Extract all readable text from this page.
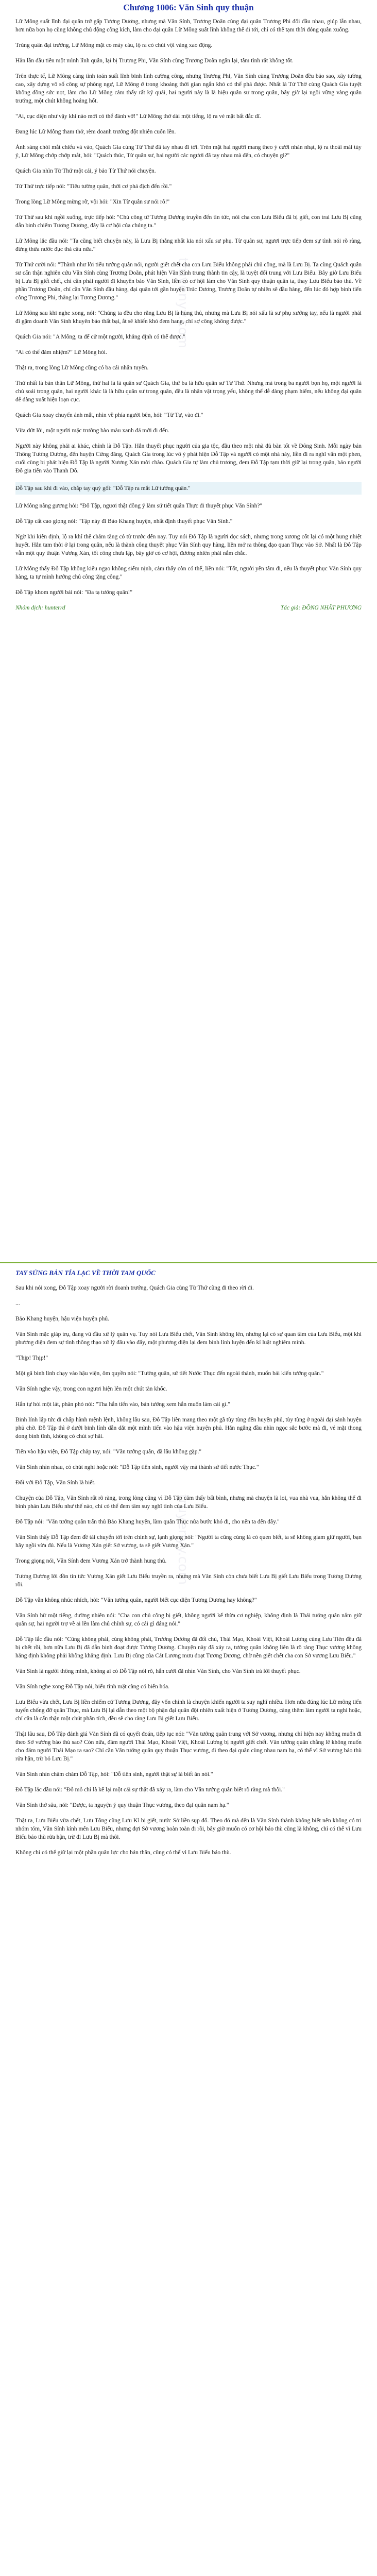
truyenyy.com
truyenyy.com
Chương 1006: Văn Sinh quy thuận

Lữ Mông suất lĩnh đại quân trở gấp Tương Dương, nhưng mà Văn Sính, Trương Doãn cùng đại quân Trương Phi đối đầu nhau, giúp lẫn nhau, hơn nữa bọn họ cũng không chủ động công kích, làm cho đại quân Lữ Mông suất lĩnh không thể đi tới, chỉ có thể tạm thời đóng quân xuống.

Trùng quân đại trướng, Lữ Mông mặt co mày cáu, lộ ra có chút vội vàng xao động.

Hắn lần đầu tiên một mình lĩnh quân, lại bị Trương Phi, Văn Sính cùng Trương Doãn ngăn lại, tâm tình rất không tốt.

Trên thực tế, Lữ Mông càng tình toán suất lĩnh binh lính cường công, nhưng Trương Phi, Văn Sính cùng Trương Doãn đều bảo sao, xây tường cao, xây dựng vô số công sự phòng ngự, Lữ Mông ở trong khoảng thời gian ngắn khó có thể phá được. Nhất là Tử Thờ cùng Quách Gia tuyệt không đồng sức nọt, làm cho Lữ Mông cảm thấy rất ký quái, hai người này là là hiệu quân sư trong quân, bây giờ lại ngồi vững vàng quân trướng, một chút không hoảng hốt.

"Ai, cục diện như vậy khi nào mới có thể đánh vỡ!" Lữ Mông thở dài một tiếng, lộ ra vẻ mặt bất đắc dĩ.

Đang lúc Lữ Mông tham thở, rèm doanh trướng đột nhiên cuốn lên.

Ánh sáng chói mắt chiếu và vào, Quách Gia cùng Từ Thứ đã tay nhau đi tới. Trên mặt hai người mang theo ý cười nhàn nhạt, lộ ra thoải mái tùy ý, Lữ Mông chớp chớp mắt, hỏi: "Quách thúc, Từ quân sư, hai người các ngươi đã tay nhau mà đến, có chuyện gì?"

Quách Gia nhìn Từ Thứ một cái, ý bảo Từ Thứ nói chuyện.

Từ Thứ trực tiếp nói: "Tiêu tường quân, thời cơ phá địch đến rồi."

Trong lòng Lữ Mông mừng rỡ, vội hỏi: "Xin Từ quân sư nói rõ!"

Từ Thứ sau khi ngồi xuống, trực tiếp hỏi: "Chủ công từ Tương Dương truyền đến tin tức, nói cha con Lưu Biểu đã bị giết, con trai Lưu Bị cũng dẫn binh chiếm Tương Dương, đây là cơ hội của chúng ta."

Lữ Mông lắc đầu nói: "Ta cũng biết chuyện này, là Lưu Bị thắng nhất kia nói xấu sư phụ. Từ quân sư, ngươi trực tiếp đem sự tình nói rõ ràng, đừng thừa nước đục thả câu nữa."

Từ Thứ cười nói: "Thành như lời tiểu tướng quân nói, người giết chết cha con Lưu Biểu không phải chủ công, mà là Lưu Bị. Ta cùng Quách quân sư cẩn thận nghiên cứu Văn Sính cùng Trương Doãn, phát hiện Văn Sính trung thành tin cậy, là tuyệt đối trung với Lưu Biểu. Bây giờ Lưu Biểu bị Lưu Bị giết chết, chỉ cần phái người đi khuyên bảo Văn Sính, liền có cơ hội làm cho Văn Sính quy thuận quân ta, thay Lưu Biểu báo thù. Về phần Trương Doãn, chỉ cần Văn Sính đầu hàng, đại quân tới gần huyện Trúc Dương, Trương Doãn tự nhiên sẽ đầu hàng, đến lúc đó hợp binh tiến công Trương Phi, thắng lại Tương Dương."

Lữ Mông sau khi nghe xong, nói: "Chúng ta đều cho rằng Lưu Bị là hung thủ, nhưng mà Lưu Bị nói xấu là sư phụ xướng tay, nếu là người phái đi gặm doanh Văn Sính khuyên bảo thất bại, ắt sẽ khiến khó đem hang, chí sợ công không được."

Quách Gia nói: "A Mông, ta để cử một người, khẳng định có thể được."

"Ai có thể đảm nhiệm?" Lữ Mông hỏi.

Thật ra, trong lòng Lữ Mông cũng có ba cái nhân tuyển.

Thứ nhất là bản thân Lữ Mông, thứ hai là là quân sư Quách Gia, thứ ba là hữu quân sư Từ Thứ. Nhưng mà trong ba người bọn họ, một người là chủ soái trong quân, hai người khác là là hữu quân sư trong quân, đều là nhân vật trọng yếu, không thể dễ dàng phạm hiểm, nếu không đại quân dễ dàng xuất hiện loạn cục.

Quách Gia xoay chuyển ánh mắt, nhìn về phía người bên, hỏi: "Tử Tự, vào đi."

Vừa dứt lời, một người mặc trường bào màu xanh đá mới đi đến.

Người này không phải ai khác, chính là Đỗ Tập. Hắn thuyết phục người của gia tộc, đầu theo một nhà đủ bàn tốt về Đông Sinh. Mỗi ngày bán Thông Tương Dương, đến huyện Cừng đăng, Quách Gia trong lúc vô ý phát hiện Đỗ Tập và người có một nhà này, liền đi ra nghĩ vấn một phen, cuối cùng bị phát hiện Đỗ Tập là người Xương Xán mời chào. Quách Gia tự làm chủ trương, đem Đỗ Tập tạm thời giữ lại trong quân, bảo người Đỗ gia tiến vào Thanh Dõ.

Đỗ Tập sau khi đi vào, chắp tay quỳ gối: "Đỗ Tập ra mắt Lữ tướng quân."

Lữ Mông nâng gương hỏi: "Đỗ Tập, ngươi thật đồng ý làm sứ tiết quân Thực đi thuyết phục Văn Sính?"

Đỗ Tập cất cao giọng nói: "Tập này đi Bảo Khang huyện, nhất định thuyết phục Văn Sính."

Ngờ khi kiên định, lộ ra khí thế chắm tăng có từ trước đến nay. Tuy nói Đỗ Tập là người đọc sách, nhưng trong xương cốt lại có một hung nhiệt huyết. Hắn tam thời ở lại trong quân, nếu là thành công thuyết phục Văn Sính quy hàng, liền mở ra thông đạo quan Thục vào Sở. Nhất là Đỗ Tập vẫn một quy thuận Vương Xán, tốt công chưa lập, bây giờ có cơ hội, đương nhiên phải nắm chắc.

Lữ Mông thấy Đỗ Tập không kiêu ngạo không siểm nịnh, cảm thấy còn có thể, liền nói: "Tốt, người yên tâm đi, nếu là thuyết phục Văn Sính quy hàng, ta tự mình hướng chủ công tặng công."

Đỗ Tập khom người bái nói: "Đa tạ tướng quân!"

Nhóm dịch: hunterrd	Tác giả: ĐỒNG NHẤT PHƯƠNG
TAY SỬNG BẢN TÍA LẠC VỀ THỜI TAM QUỐC

Sau khi nói xong, Đỗ Tập xoay người rời doanh trướng, Quách Gia cùng Từ Thứ cũng đi theo rời đi.

...

Bảo Khang huyện, hậu viện huyện phủ.

Văn Sính mặc giáp trụ, đang vũ đầu xử lý quân vụ. Tuy nói Lưu Biểu chết, Văn Sính không lên, nhưng lại có sự quan tâm của Lưu Biểu, một khi phương diện đem sự tình thông thạo xử lý đâu vào đấy, một phương diện lại đem binh lính luyện đến kỉ luật nghiêm minh.

"Thịp! Thịp!"

Một gã binh lính chạy vào hậu viện, ôm quyền nói: "Tướng quân, sứ tiết Nước Thục đến ngoài thành, muốn bái kiến tướng quân."

Văn Sính nghe vậy, trong con ngươi hiện lên một chút tàn khốc.

Hắn tự hỏi một lát, phân phó nói: "Tha hắn tiến vào, bản tướng xem hắn muốn làm cái gì."

Binh lính lập tức đi chấp hành mệnh lệnh, không lâu sau, Đỗ Tập liền mang theo một gã tùy tùng đến huyện phủ, tùy tùng ở ngoài đại sảnh huyện phủ chờ. Đỗ Tập thì ở dưới binh lính dẫn dắt một mình tiến vào hậu viện huyện phủ. Hắn ngắng đầu nhìn ngọc sắc bước mà đi, vẻ mặt thong dong bình tĩnh, không có chút sợ hãi.

Tiến vào hậu viện, Đỗ Tập chắp tay, nói: "Văn tướng quân, đã lâu không gặp."

Văn Sính nhìn nhau, có chút nghi hoặc nói: "Đỗ Tập tiên sinh, người vậy mà thành sứ tiết nước Thục."

Đối với Đỗ Tập, Văn Sính là biết.

Chuyện của Đỗ Tập, Văn Sính rất rõ ràng, trong lòng cũng vì Đỗ Tập cảm thấy bất bình, nhưng mà chuyện là loi, vua nhà vua, hắn không thể đi bình phán Lưu Biểu như thế nào, chỉ có thể đem tâm suy nghĩ tình của Lưu Biểu.

Đỗ Tập nói: "Văn tướng quân trấn thủ Bảo Khang huyện, làm quân Thục nửa bước khó đi, cho nên ta đến đây."

Văn Sính thấy Đỗ Tập đem đề tài chuyển tới trên chính sự, lạnh giọng nói: "Người ta cũng cùng là có quen biết, ta sẽ không giam giữ người, bạn hãy ngồi vừa đủ. Nếu là Vương Xán giết Sở vương, ta sẽ giết Vương Xán."

Trong giọng nói, Văn Sính đem Vương Xán trở thành hung thủ.

Tương Dương lời đồn tin tức Vương Xán giết Lưu Biểu truyền ra, nhưng mà Văn Sính còn chưa biết Lưu Bị giết Lưu Biểu trong Tương Dương rồi.

Đỗ Tập vẫn không nhúc nhích, hỏi: "Văn tướng quân, người biết cục diện Tương Dương hay không?"

Văn Sính hừ một tiếng, dường nhiên nói: "Cha con chủ công bị giết, không người kế thừa cơ nghiệp, không định là Thái tướng quân nắm giữ quân sự, hai người trợ về ai lên làm chủ chính sự, có cái gì đáng nói."

Đỗ Tập lắc đầu nói: "Cũng không phải, cùng không phải, Trương Dương đã đổi chủ, Thái Mạo, Khoái Việt, Khoái Lương cùng Lưu Tiên đều đã bị chết rồi, hơn nữa Lưu Bị đã dẫn binh đoạt được Tương Dương. Chuyện này đã xảy ra, tướng quân không liên là rõ ràng Thục vương không hẳng định không phải không khẳng định. Lưu Bị cũng của Cát Lương mưu đoạt Tương Dương, chờ nền giết chết cha con Sở vương Lưu Biểu."

Văn Sính là người thông minh, không ai có Đỗ Tập nói rõ, hắn cười đã nhìn Văn Sính, cho Văn Sính trả lời thuyết phục.

Văn Sính nghe xong Đỗ Tập nói, biểu tình mặt càng có biến hóa.

Lưu Biểu vừa chết, Lưu Bị liền chiếm cứ Tương Dương, đây vốn chính là chuyện khiến người ta suy nghĩ nhiều. Hơn nữa đúng lúc Lữ mông tiến tuyến chống đỡ quân Thục, mà Lưu Bị lại dẫn theo một bộ phận đại quân đột nhiên xuất hiện ở Tương Dương, càng thêm làm người ta nghi hoặc, chỉ cần là cẩn thận một chút phân tích, đều sẽ cho rằng Lưu Bị giết Lưu Biểu.

Thật lâu sau, Đỗ Tập đánh giá Văn Sính đã có quyết đoán, tiếp tục nói: "Văn tướng quân trung với Sở vương, nhưng chỉ hiện nay không muốn đi theo Sở vương bảo thù sao? Còn nữa, đám người Thái Mạo, Khoái Việt, Khoái Lương bị người giết chết. Văn tướng quân chẳng lẽ không muốn cho đám người Thái Mạo ra sao? Chỉ cần Văn tướng quân quy thuận Thục vương, đi theo đại quân cùng nhau nam hạ, có thể vì Sở vương báo thù rửa hận, trừ bỏ Lưu Bị."

Văn Sính nhìn chăm chăm Đỗ Tập, hỏi: "Đỗ tiên sinh, người thật sự là biết ăn nói."

Đỗ Tập lắc đầu nói: "Đỗ mỗ chỉ là kể lại một cái sự thật đã xảy ra, làm cho Văn tướng quân biết rõ ràng mà thôi."

Văn Sính thở sâu, nói: "Được, ta nguyện ý quy thuận Thục vương, theo đại quân nam hạ."

Thật ra, Lưu Biểu vừa chết, Lưu Tông cũng Lưu Kì bị giết, nước Sở liền sụp đổ. Theo đó mà đến là Văn Sính thành không biết nên không có tri nhóm tóm, Văn Sính kính mến Lưu Biểu, nhưng đợi Sở vương hoàn toàn đi rồi, bây giờ muốn có cơ hội báo thù cũng là không, chỉ có thể vì Lưu Biểu báo thù rửa hận, trừ đi Lưu Bị mà thôi.

Không chỉ có thể giữ lại một phần quân lực cho bản thân, cũng có thể vì Lưu Biểu báo thù.
